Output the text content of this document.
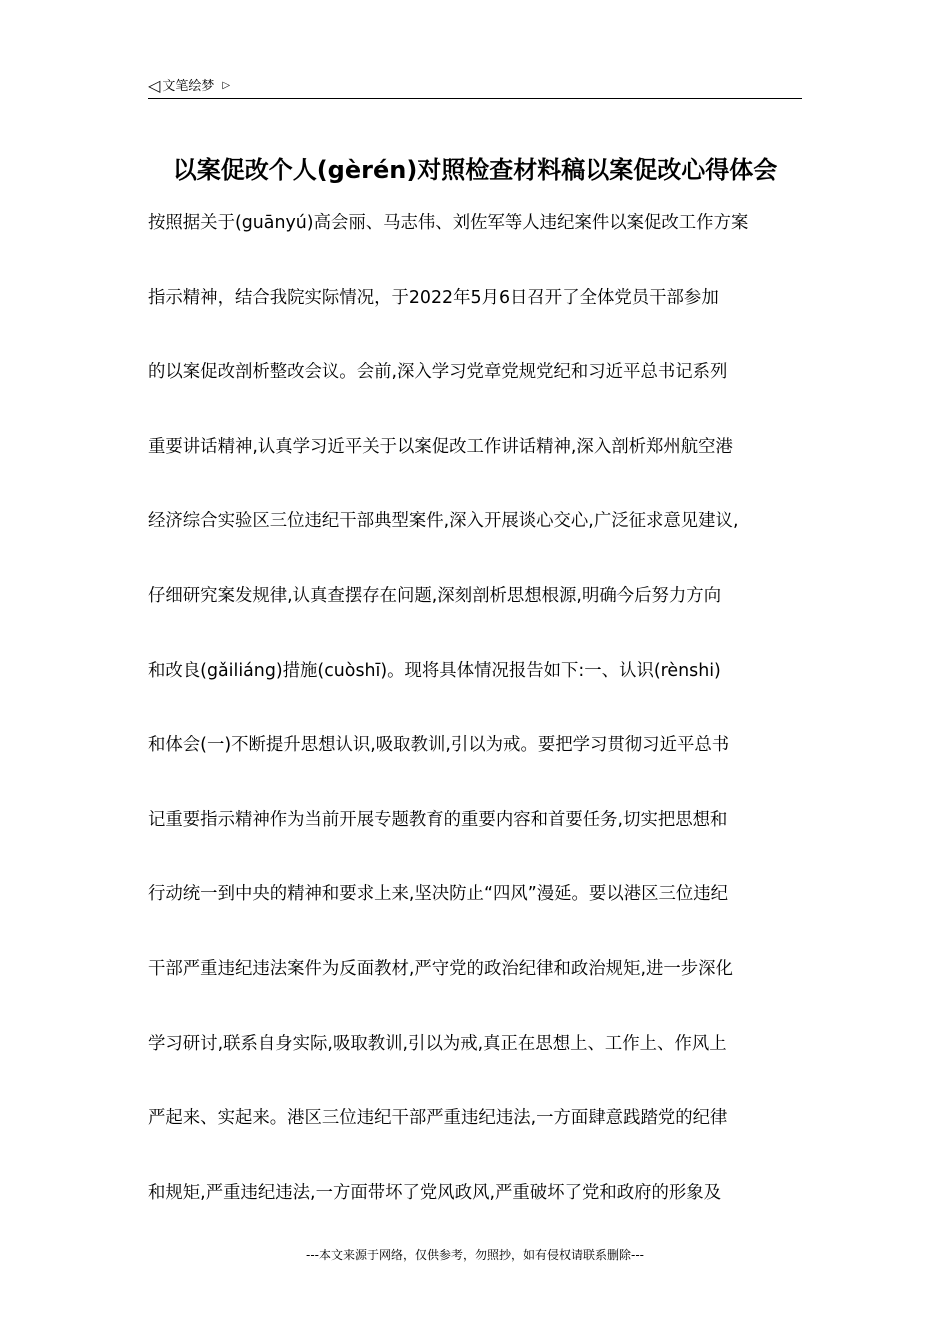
◁ 文笔绘梦 ▷
以案促改个人(gèrén)对照检查材料稿以案促改心得体会
按照据关于(guānyú)高会丽、马志伟、刘佐军等人违纪案件以案促改工作方案
指示精神，结合我院实际情况，于2022年5月6日召开了全体党员干部参加
的以案促改剖析整改会议。会前,深入学习党章党规党纪和习近平总书记系列
重要讲话精神,认真学习近平关于以案促改工作讲话精神,深入剖析郑州航空港
经济综合实验区三位违纪干部典型案件,深入开展谈心交心,广泛征求意见建议,
仔细研究案发规律,认真查摆存在问题,深刻剖析思想根源,明确今后努力方向
和改良(gǎiliáng)措施(cuòshī)。现将具体情况报告如下:一、认识(rènshi)
和体会(一)不断提升思想认识,吸取教训,引以为戒。要把学习贯彻习近平总书
记重要指示精神作为当前开展专题教育的重要内容和首要任务,切实把思想和
行动统一到中央的精神和要求上来,坚决防止“四风”漫延。要以港区三位违纪
干部严重违纪违法案件为反面教材,严守党的政治纪律和政治规矩,进一步深化
学习研讨,联系自身实际,吸取教训,引以为戒,真正在思想上、工作上、作风上
严起来、实起来。港区三位违纪干部严重违纪违法,一方面肆意践踏党的纪律
和规矩,严重违纪违法,一方面带坏了党风政风,严重破坏了党和政府的形象及
---本文来源于网络，仅供参考，勿照抄，如有侵权请联系删除---
